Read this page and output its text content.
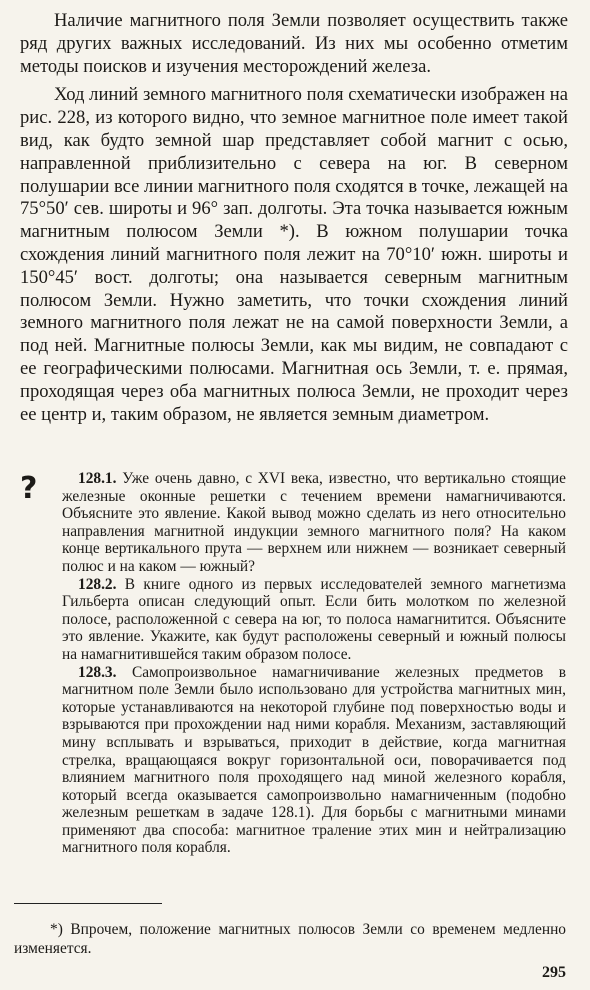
Наличие магнитного поля Земли позволяет осуществить также ряд других важных исследований. Из них мы особенно отметим методы поисков и изучения месторождений железа.

Ход линий земного магнитного поля схематически изображен на рис. 228, из которого видно, что земное магнитное поле имеет такой вид, как будто земной шар представляет собой магнит с осью, направленной приблизительно с севера на юг. В северном полушарии все линии магнитного поля сходятся в точке, лежащей на 75°50′ сев. широты и 96° зап. долготы. Эта точка называется южным магнитным полюсом Земли *). В южном полушарии точка схождения линий магнитного поля лежит на 70°10′ южн. широты и 150°45′ вост. долготы; она называется северным магнитным полюсом Земли. Нужно заметить, что точки схождения линий земного магнитного поля лежат не на самой поверхности Земли, а под ней. Магнитные полюсы Земли, как мы видим, не совпадают с ее географическими полюсами. Магнитная ось Земли, т. е. прямая, проходящая через оба магнитных полюса Земли, не проходит через ее центр и, таким образом, не является земным диаметром.

?	128.1. Уже очень давно, с XVI века, известно, что вертикально стоящие железные оконные решетки с течением времени намагничиваются. Объясните это явление. Какой вывод можно сделать из него относительно направления магнитной индукции земного магнитного поля? На каком конце вертикального прута — верхнем или нижнем — возникает северный полюс и на каком — южный?

128.2. В книге одного из первых исследователей земного магнетизма Гильберта описан следующий опыт. Если бить молотком по железной полосе, расположенной с севера на юг, то полоса намагнитится. Объясните это явление. Укажите, как будут расположены северный и южный полюсы на намагнитившейся таким образом полосе.

128.3. Самопроизвольное намагничивание железных предметов в магнитном поле Земли было использовано для устройства магнитных мин, которые устанавливаются на некоторой глубине под поверхностью воды и взрываются при прохождении над ними корабля. Механизм, заставляющий мину всплывать и взрываться, приходит в действие, когда магнитная стрелка, вращающаяся вокруг горизонтальной оси, поворачивается под влиянием магнитного поля проходящего над миной железного корабля, который всегда оказывается самопроизвольно намагниченным (подобно железным решеткам в задаче 128.1). Для борьбы с магнитными минами применяют два способа: магнитное траление этих мин и нейтрализацию магнитного поля корабля.

*) Впрочем, положение магнитных полюсов Земли со временем медленно изменяется.

295
